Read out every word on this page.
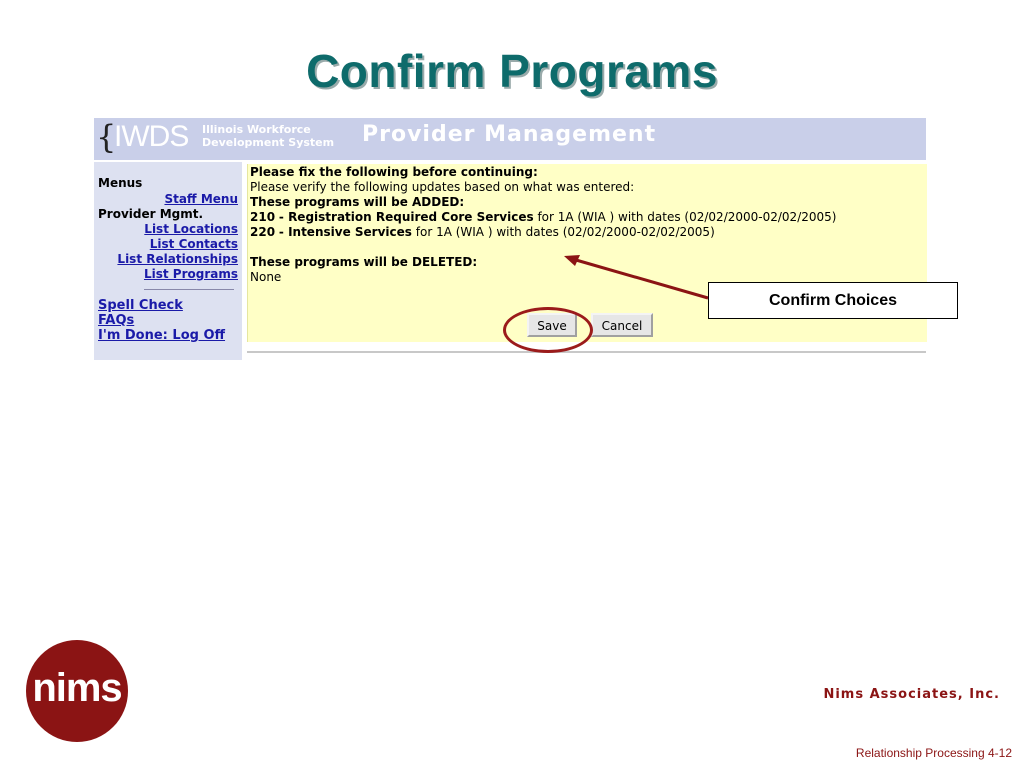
Confirm Programs
{
IWDS Illinois Workforce
Development System Provider Management
Menus
Staff Menu
Provider Mgmt.
List Locations
List Contacts
List Relationships
List Programs
Spell Check
FAQs
I'm Done: Log Off
Please fix the following before continuing:
Please verify the following updates based on what was entered:
These programs will be ADDED:
210 - Registration Required Core Services for 1A (WIA ) with dates (02/02/2000-02/02/2005)
220 - Intensive Services for 1A (WIA ) with dates (02/02/2000-02/02/2005)
These programs will be DELETED:
None
Save	Cancel
Confirm Choices
nims	Nims Associates, Inc.
Relationship Processing 4-12
